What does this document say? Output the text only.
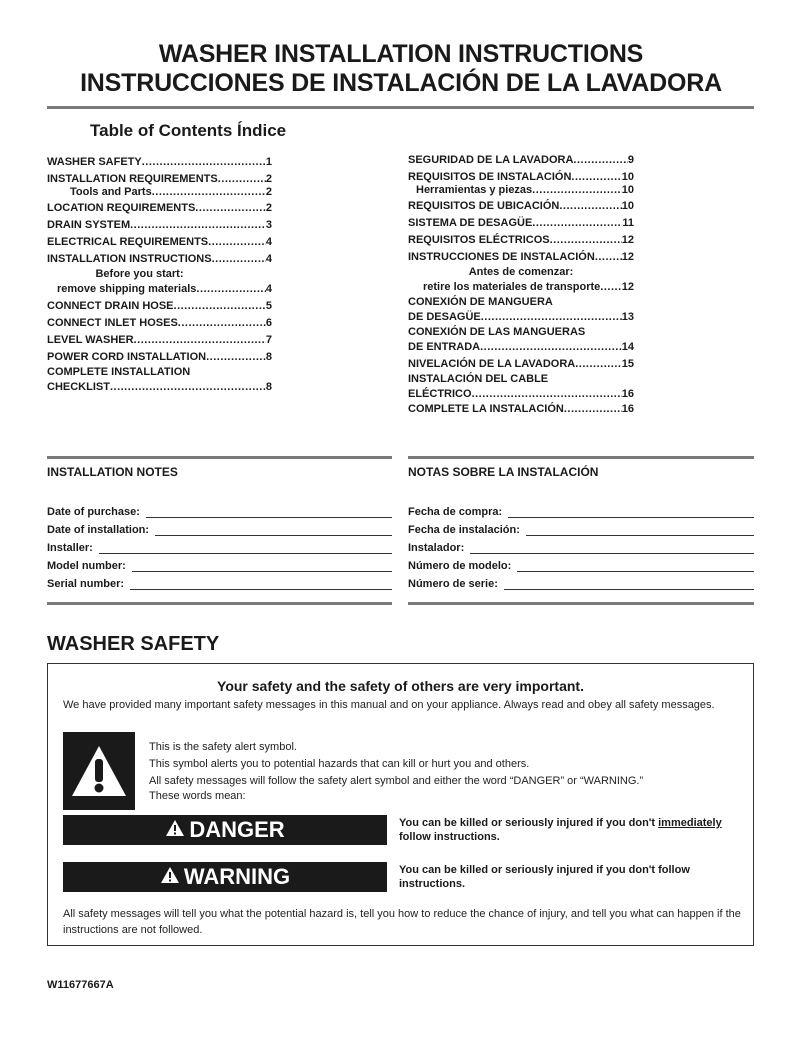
WASHER INSTALLATION INSTRUCTIONS
INSTRUCCIONES DE INSTALACIÓN DE LA LAVADORA
Table of Contents Índice
WASHER SAFETY .....	1
INSTALLATION REQUIREMENTS .....	2
Tools and Parts .....	2
LOCATION REQUIREMENTS .....	2
DRAIN SYSTEM .....	3
ELECTRICAL REQUIREMENTS .....	4
INSTALLATION INSTRUCTIONS .....	4
Before you start:
remove shipping materials .....	4
CONNECT DRAIN HOSE .....	5
CONNECT INLET HOSES .....	6
LEVEL WASHER .....	7
POWER CORD INSTALLATION .....	8
COMPLETE INSTALLATION
CHECKLIST .....	8
SEGURIDAD DE LA LAVADORA .....	9
REQUISITOS DE INSTALACIÓN .....	10
Herramientas y piezas .....	10
REQUISITOS DE UBICACIÓN .....	10
SISTEMA DE DESAGÜE .....	11
REQUISITOS ELÉCTRICOS .....	12
INSTRUCCIONES DE INSTALACIÓN ..... 12
Antes de comenzar:
retire los materiales de transporte ..... 12
CONEXIÓN DE MANGUERA
DE DESAGÜE .....	13
CONEXIÓN DE LAS MANGUERAS
DE ENTRADA .....	14
NIVELACIÓN DE LA LAVADORA .....	15
INSTALACIÓN DEL CABLE
ELÉCTRICO .....	16
COMPLETE LA INSTALACIÓN .....	16
INSTALLATION NOTES	NOTAS SOBRE LA INSTALACIÓN
Date of purchase:
Date of installation:
Installer:
Model number:
Serial number:
Fecha de compra:
Fecha de instalación:
Instalador:
Número de modelo:
Número de serie:
WASHER SAFETY
Your safety and the safety of others are very important.
We have provided many important safety messages in this manual and on your appliance. Always read and obey all safety messages.
This is the safety alert symbol.
This symbol alerts you to potential hazards that can kill or hurt you and others.
All safety messages will follow the safety alert symbol and either the word “DANGER” or “WARNING.”
These words mean:
DANGER	You can be killed or seriously injured if you don't immediately
follow instructions.
WARNING	You can be killed or seriously injured if you don't follow instructions.
All safety messages will tell you what the potential hazard is, tell you how to reduce the chance of injury, and tell you what can happen if the instructions are not followed.
W11677667A
